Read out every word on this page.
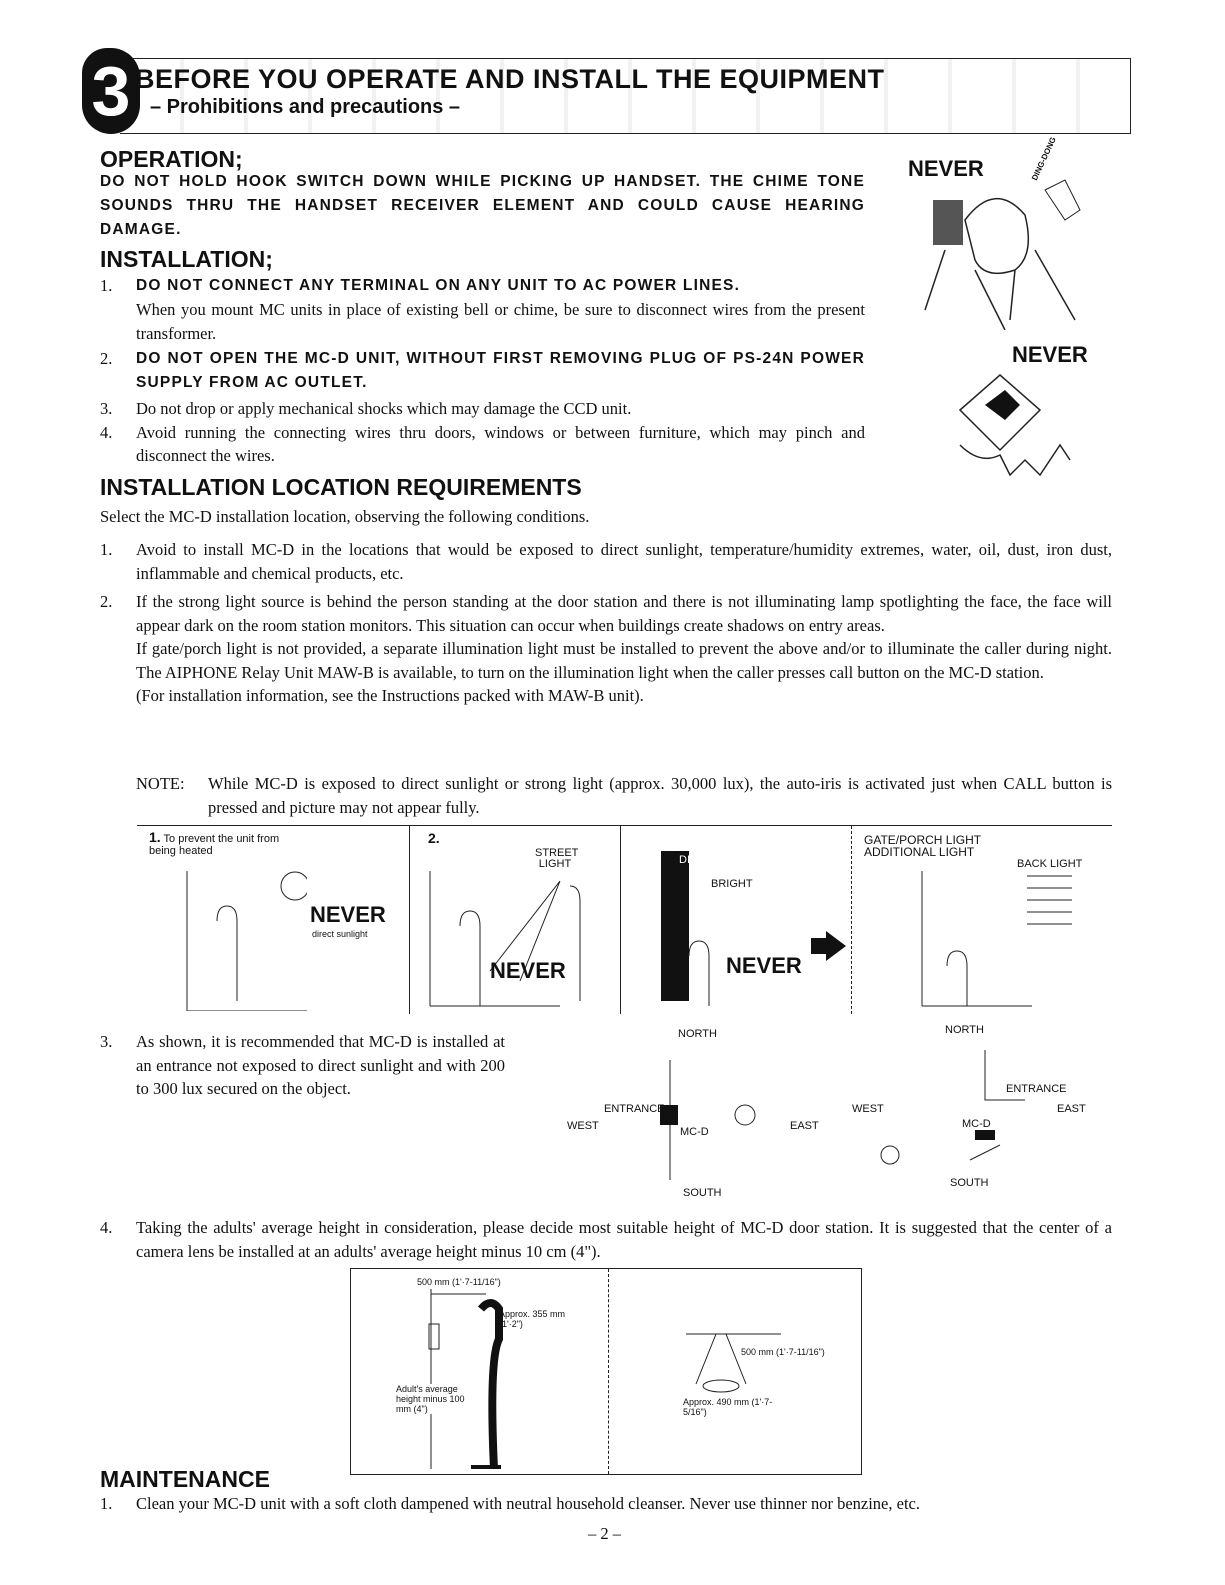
3 BEFORE YOU OPERATE AND INSTALL THE EQUIPMENT
– Prohibitions and precautions –
OPERATION;
DO NOT HOLD HOOK SWITCH DOWN WHILE PICKING UP HANDSET. THE CHIME TONE SOUNDS THRU THE HANDSET RECEIVER ELEMENT AND COULD CAUSE HEARING DAMAGE.
NEVER	DING-DONG
NEVER
INSTALLATION;
1.	DO NOT CONNECT ANY TERMINAL ON ANY UNIT TO AC POWER LINES.
When you mount MC units in place of existing bell or chime, be sure to disconnect wires from the present transformer.
2.	DO NOT OPEN THE MC-D UNIT, WITHOUT FIRST REMOVING PLUG OF PS-24N POWER SUPPLY FROM AC OUTLET.
3.	Do not drop or apply mechanical shocks which may damage the CCD unit.
4.	Avoid running the connecting wires thru doors, windows or between furniture, which may pinch and disconnect the wires.
INSTALLATION LOCATION REQUIREMENTS
Select the MC-D installation location, observing the following conditions.
1.	Avoid to install MC-D in the locations that would be exposed to direct sunlight, temperature/humidity extremes, water, oil, dust, iron dust, inflammable and chemical products, etc.
2.	If the strong light source is behind the person standing at the door station and there is not illuminating lamp spotlighting the face, the face will appear dark on the room station monitors. This situation can occur when buildings create shadows on entry areas.
If gate/porch light is not provided, a separate illumination light must be installed to prevent the above and/or to illuminate the caller during night. The AIPHONE Relay Unit MAW-B is available, to turn on the illumination light when the caller presses call button on the MC-D station.
(For installation information, see the Instructions packed with MAW-B unit).
NOTE:	While MC-D is exposed to direct sunlight or strong light (approx. 30,000 lux), the auto-iris is activated just when CALL button is pressed and picture may not appear fully.
1. To prevent the unit from being heated
NEVER
direct sunlight
2.
STREET LIGHT
NEVER
DIM
BRIGHT
NEVER
GATE/PORCH LIGHT
ADDITIONAL LIGHT
BACK LIGHT
3.	As shown, it is recommended that MC-D is installed at an entrance not exposed to direct sunlight and with 200 to 300 lux secured on the object.
NORTH
ENTRANCE
WEST	MC-D	EAST
SOUTH
NORTH
ENTRANCE
WEST	EAST
MC-D
SOUTH
4.	Taking the adults' average height in consideration, please decide most suitable height of MC-D door station. It is suggested that the center of a camera lens be installed at an adults' average height minus 10 cm (4").
500 mm (1'·7-11/16")
Approx. 355 mm (1'·2")
Adult's average height minus 100 mm (4")
500 mm (1'·7-11/16")
Approx. 490 mm (1'·7-5/16")
MAINTENANCE
1.	Clean your MC-D unit with a soft cloth dampened with neutral household cleanser. Never use thinner nor benzine, etc.
– 2 –
